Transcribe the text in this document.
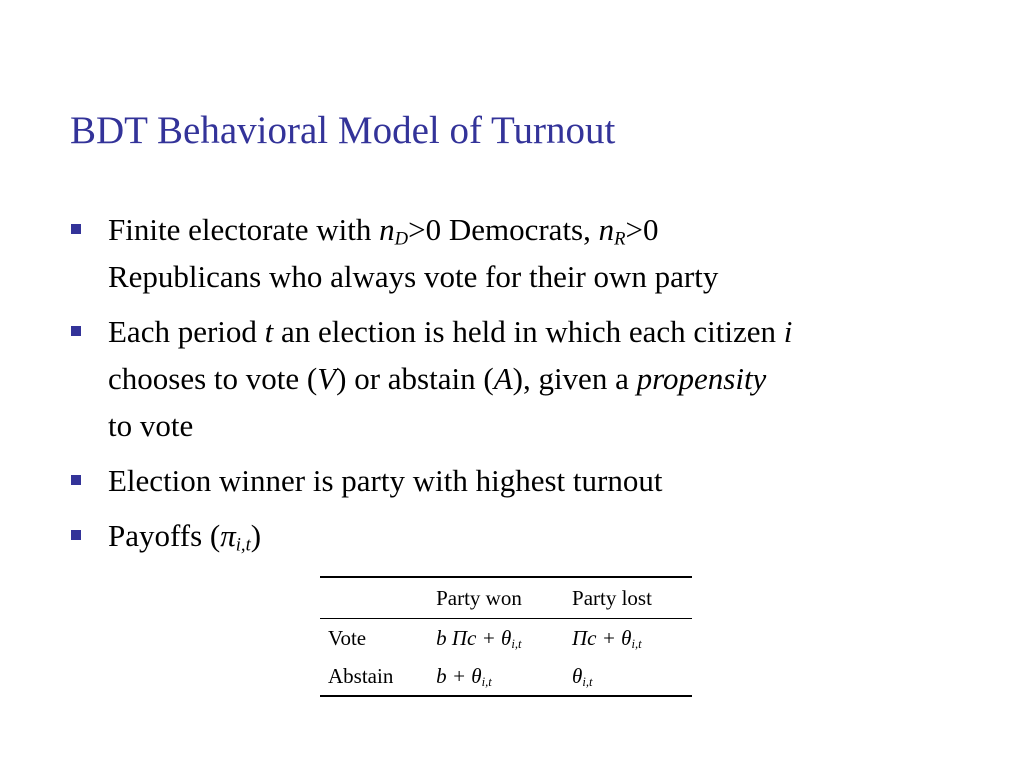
BDT Behavioral Model of Turnout
Finite electorate with $n_D>0$ Democrats, $n_R>0$
Republicans who always vote for their own party
Each period t an election is held in which each citizen i
chooses to vote (V) or abstain (A), given a propensity
to vote
Election winner is party with highest turnout
Payoffs $(\pi_{i,t})$
	Party won	Party lost
Vote	b $\Pi c + \theta_{i,t}$	$\Pi c + \theta_{i,t}$
Abstain	$b + \theta_{i,t}$	$\theta_{i,t}$
